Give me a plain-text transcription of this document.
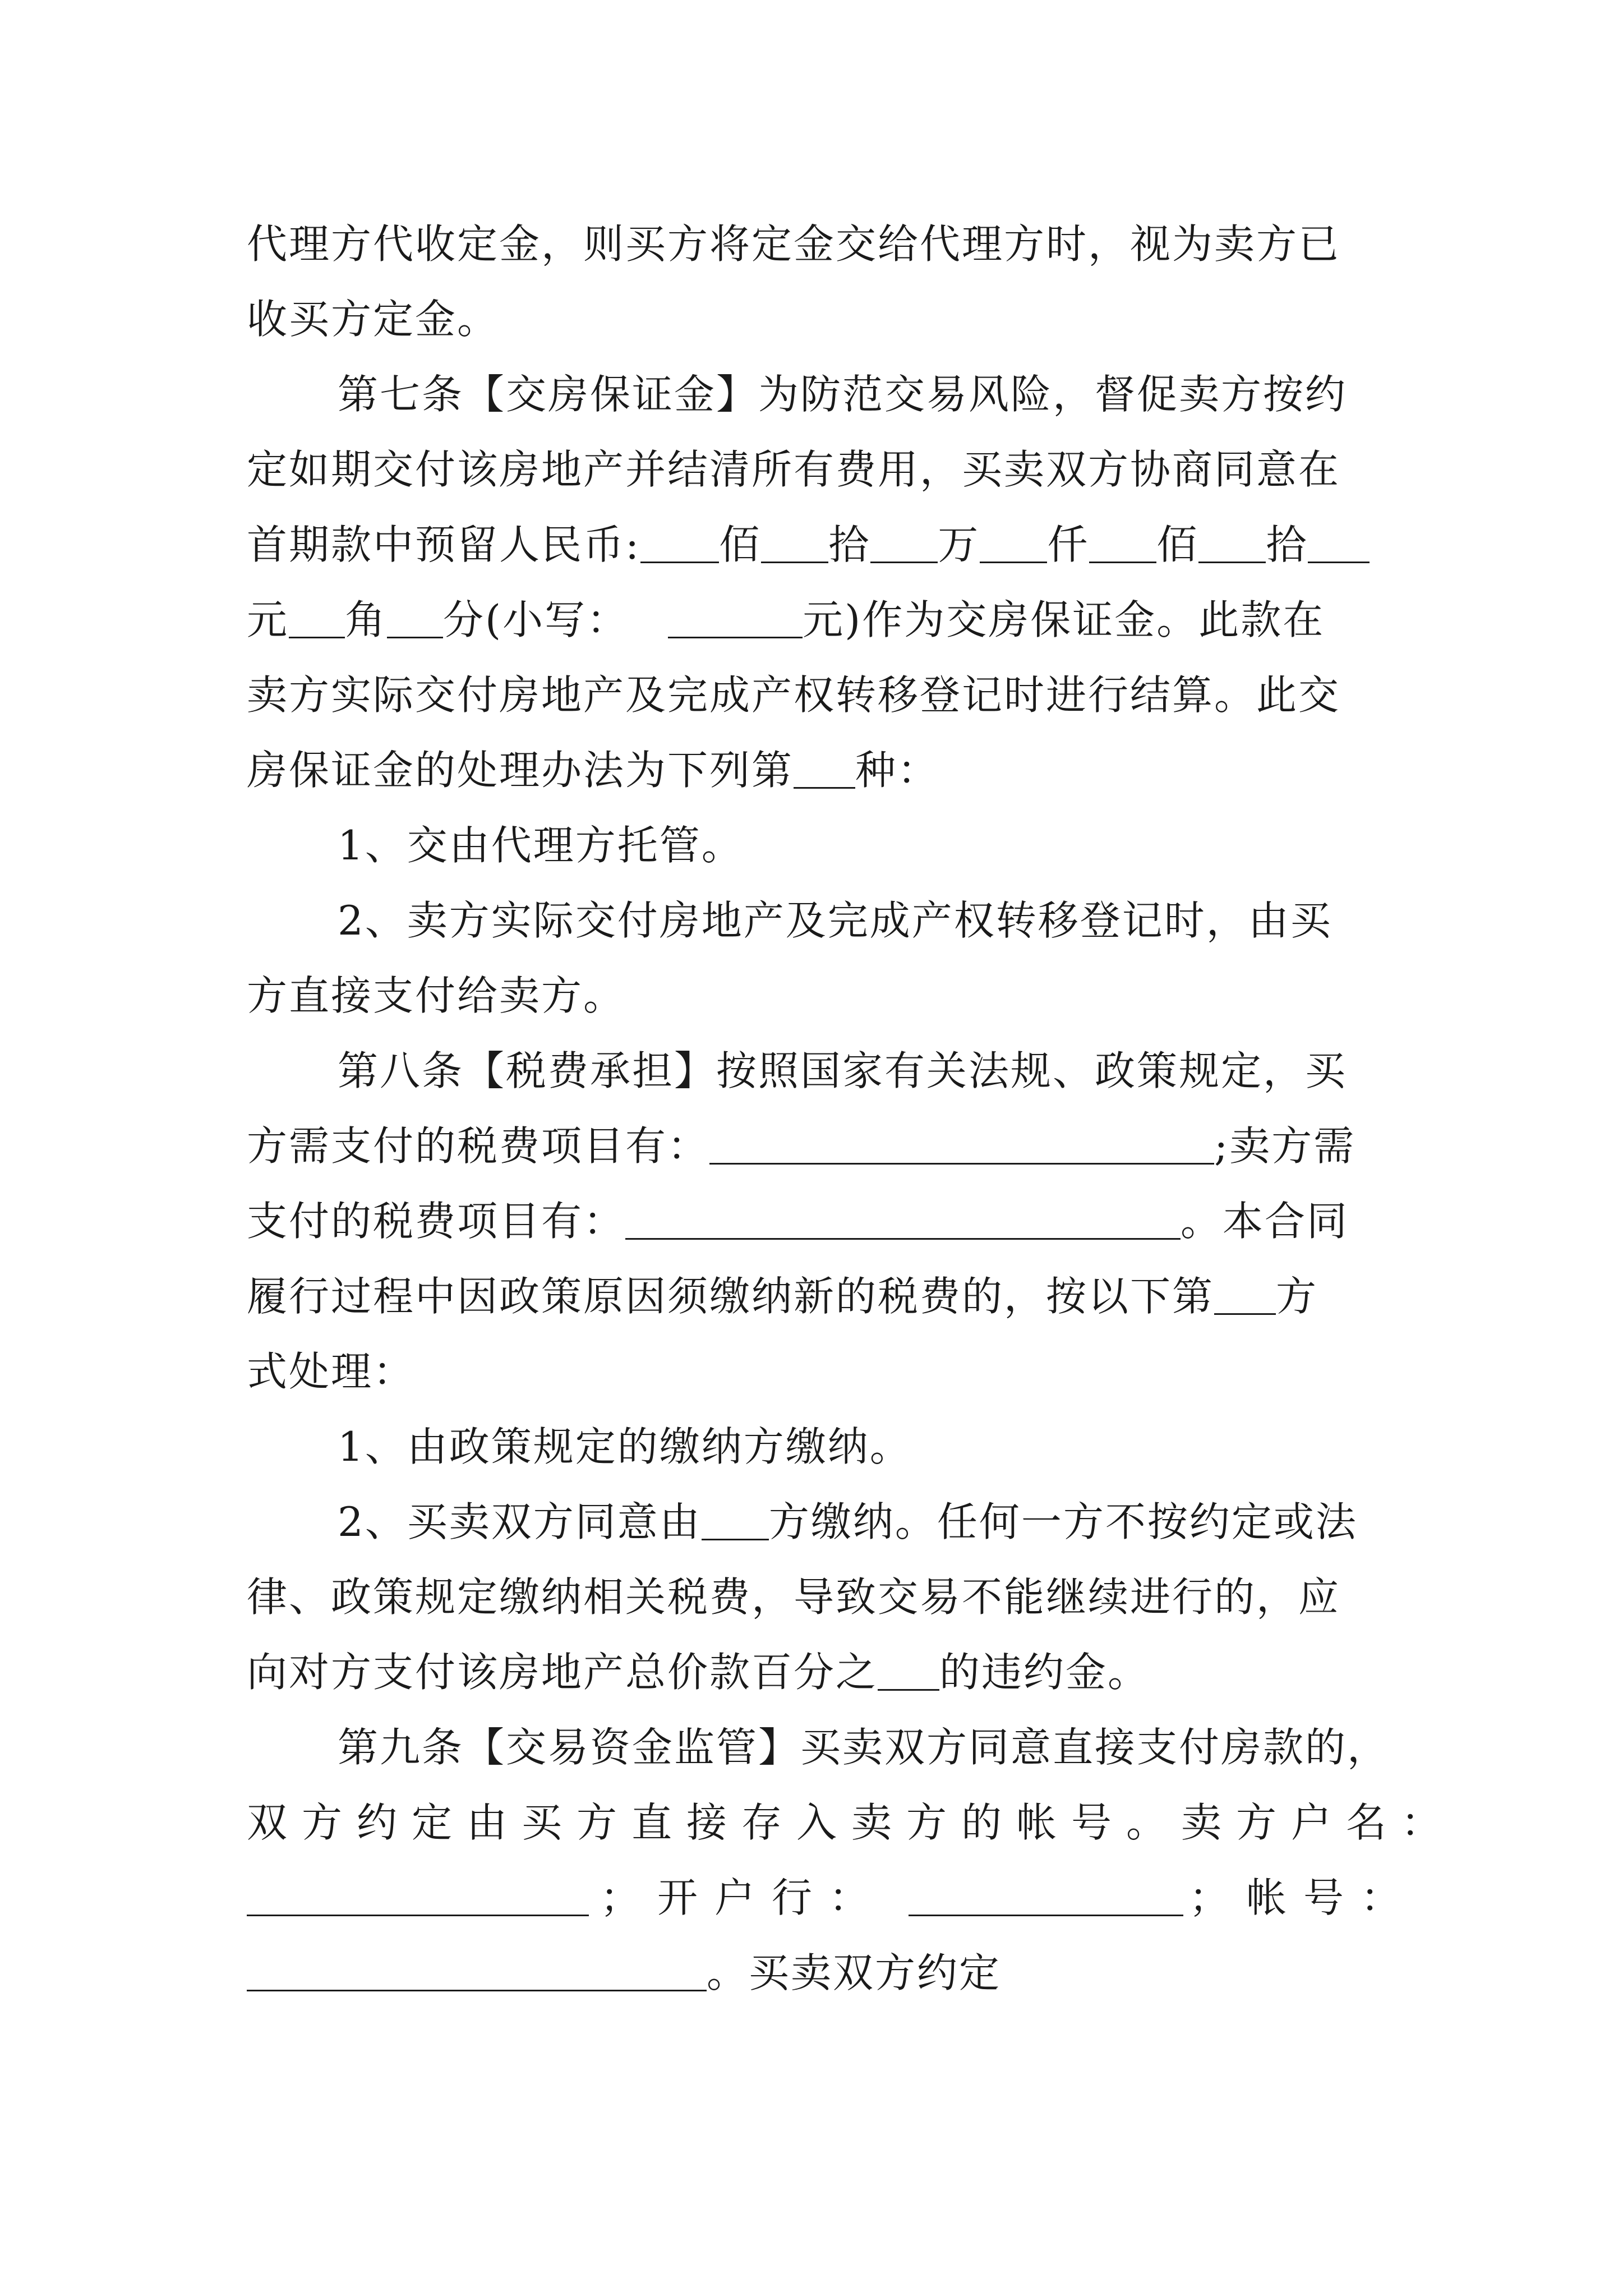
代理方代收定金，则买方将定金交给代理方时，视为卖方已
收买方定金。
第七条【交房保证金】为防范交易风险，督促卖方按约
定如期交付该房地产并结清所有费用，买卖双方协商同意在
首期款中预留人民币: 佰 拾 万 仟 佰 拾
元 角 分(小写：	元)作为交房保证金。此款在
卖方实际交付房地产及完成产权转移登记时进行结算。此交
房保证金的处理办法为下列第 种：
1、交由代理方托管。
2、卖方实际交付房地产及完成产权转移登记时，由买
方直接支付给卖方。
第八条【税费承担】按照国家有关法规、政策规定，买
方需支付的税费项目有：	;卖方需
支付的税费项目有：	。本合同
履行过程中因政策原因须缴纳新的税费的，按以下第 方
式处理：
1、由政策规定的缴纳方缴纳。
2、买卖双方同意由 方缴纳。任何一方不按约定或法
律、政策规定缴纳相关税费，导致交易不能继续进行的，应
向对方支付该房地产总价款百分之 的违约金。
第九条【交易资金监管】买卖双方同意直接支付房款的，
双方约定由买方直接存入卖方的帐号。卖方户名：
；开户行：	；帐号：
。买卖双方约定
